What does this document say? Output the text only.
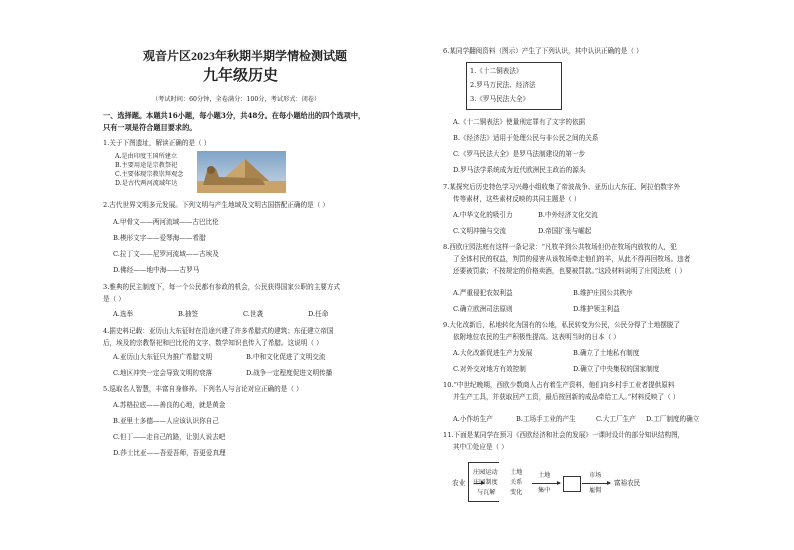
观音片区2023年秋期半期学情检测试题
九年级历史
（考试时间：60分钟，全卷满分：100分，考试形式：闭卷）
一、选择题。本题共16小题，每小题3分，共48分。在每小题给出的四个选项中，
只有一项是符合题目要求的。
1.关于下图遗址，解读正确的是（ ）
A.是由印度王国所建立
B.主要用途是宗教祭祀
C.主要体现宗教崇拜观念
D.是古代两河流域年达
2.古代世界文明多元发展。下列文明与产生地域及文明古国搭配正确的是（ ）
A.甲骨文——两河流域——古巴比伦
B.楔形文字——爱琴海——希腊
C.拉丁文——尼罗河流域——古埃及
D.佛经——地中海——古罗马
3.雅典的民主制度下，每一个公民都有参政的机会，公民获得国家公职的主要方式
是（ ）
A.选举	B.抽签	C.世袭	D.任命
4.据史料记载：亚历山大东征时在沿途兴建了许多希腊式的建筑；东征建立帝国
后，埃及的宗教祭祀和巴比伦的文字、数学知识也传入了希腊。这说明（ ）
A.亚历山大东征只为推广希腊文明	B.中和文化促进了文明交流
C.地区冲突一定会导致文明的衰落	D.战争一定程度促进文明传播
5.巡取名人智慧，丰富自身修养。下列名人与言论对应正确的是（ ）
A.苏格拉底——善良的心地，就是黄金
B.亚里士多德——人应该认识你自己
C.但丁——走自己的路，让别人说去吧
D.莎士比亚——吾爱吾师，吾更爱真理
6.某同学翻阅资料（图示）产生了下列认识，其中认识正确的是（ ）
1.《十二铜表法》
2.罗马万民法、经济法
3.《罗马民法大全》
A.《十二铜表法》使量刑定罪有了文字的依据
B.《经济法》适用于处理公民与非公民之间的关系
C.《罗马民法大全》是罗马法制建设的第一步
D.罗马法学系统成为近代欧洲民主政治的源头
7.某探究后历史特色学习兴趣小组收集了帝波战争、亚历山大东征、阿拉伯数字外
传等素材，这些素材反映的共同主题是（ ）
A.中华文化的吸引力	B.中外经济文化交流
C.文明冲撞与交流	D.帝国扩张与崛起
8.西欧庄园法庭有这样一条记录：“凡牧羊到公共牧场但仍在牧场内放牧的人，犯
了全体村民的权益，判罚的侵害从该牧场牵走他们的羊，从此不得再回牧场。违者
还要被罚款；不按规定的价格卖酒，也要被罚款。”这段材料说明了庄园法庭（ ）
A.严重侵犯农奴利益	B.维护庄园公共秩序
C.确立欧洲司法原则	D.维护领主利益
9.大化改新后，私地转化为国有的公地，私民转变为公民，公民分得了土地摆脱了
依附地位农民的生产积极性提高。这表明当时的日本（ ）
A.大化改新促进生产力发展	B.确立了土地私有制度
C.对外交对地方有效控制	D.确立了中央集权的国家制度
10.“中世纪晚期，西欧少数商人占有着生产资料，他们向乡村手工业者提供原料
并生产工具，并获取回产工资，最后按回新的成品牵给工人。”材料反映了（ ）
A.小作坊生产	B.工场手工业的产生	C.大工厂生产 D.工厂制度的确立
11.下面是某同学在预习《西欧经济和社会的发展》一课时设计的部分知识结构图，
其中①处应是（ ）
农业
庄园运动
庄园制度
与瓦解
土地
关系
变化
土地
集中
市场
雇佣
富裕农民
